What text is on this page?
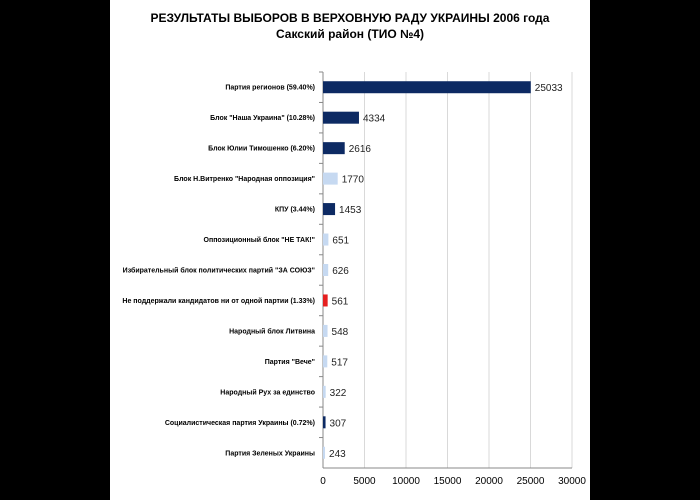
РЕЗУЛЬТАТЫ ВЫБОРОВ В ВЕРХОВНУЮ РАДУ УКРАИНЫ 2006 года
Сакский район (ТИО №4)
0	5000 10000 15000 20000 25000 30000
Партия регионов (59.40%)	25033
Блок "Наша Украина" (10.28%)	4334
Блок Юлии Тимошенко (6.20%)	2616
Блок Н.Витренко "Народная оппозиция"	1770
КПУ (3.44%) 1453
Оппозиционный блок "НЕ ТАК!" 651
Избирательный блок политических партий "ЗА СОЮЗ" 626
Не поддержали кандидатов ни от одной партии (1.33%) 561
Народный блок Литвина 548
Партия "Вече" 517
Народный Рух за единство 322
Социалистическая партия Украины (0.72%) 307
Партия Зеленых Украины 243
